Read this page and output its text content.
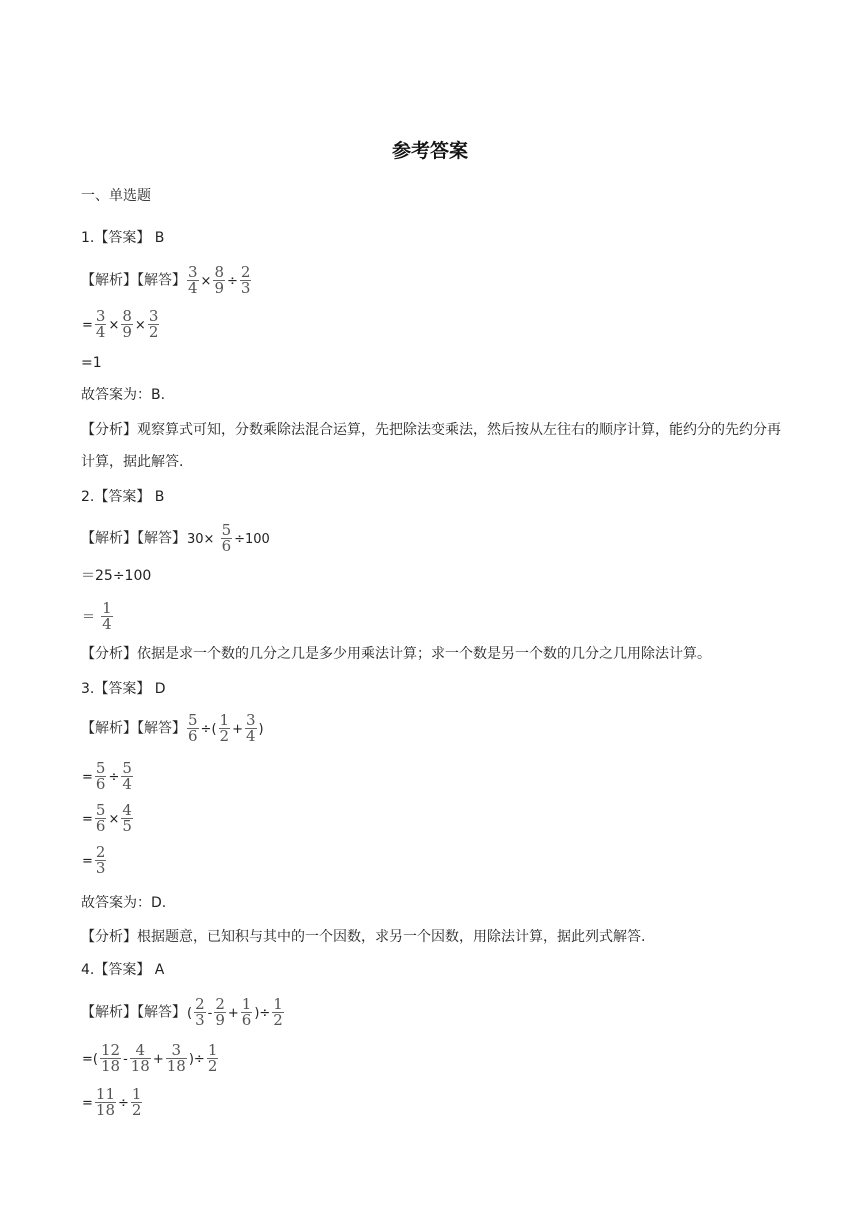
参考答案
一、单选题
1.【答案】 B
【解析】【解答】 $\frac{3}{4} \times \frac{8}{9} \div \frac{2}{3}$
= $\frac{3}{4} \times \frac{8}{9} \times \frac{3}{2}$
=1
故答案为：B.
【分析】观察算式可知，分数乘除法混合运算，先把除法变乘法，然后按从左往右的顺序计算，能约分的先约分再计算，据此解答.
2.【答案】 B
【解析】【解答】$30\times \frac{5}{6} \div 100$
＝25÷100
＝ $\frac{1}{4}$
【分析】依据是求一个数的几分之几是多少用乘法计算；求一个数是另一个数的几分之几用除法计算。
3.【答案】 D
【解析】【解答】 $\frac{5}{6}$ ÷( $\frac{1}{2} + \frac{3}{4}$ )
= $\frac{5}{6} \div \frac{5}{4}$
= $\frac{5}{6} \times \frac{4}{5}$
= $\frac{2}{3}$
故答案为：D.
【分析】根据题意，已知积与其中的一个因数，求另一个因数，用除法计算，据此列式解答.
4.【答案】 A
【解析】【解答】( $\frac{2}{3} - \frac{2}{9} + \frac{1}{6}$ )÷ $\frac{1}{2}$
=( $\frac{12}{18} - \frac{4}{18} + \frac{3}{18}$ )÷ $\frac{1}{2}$
= $\frac{11}{18} \div \frac{1}{2}$
